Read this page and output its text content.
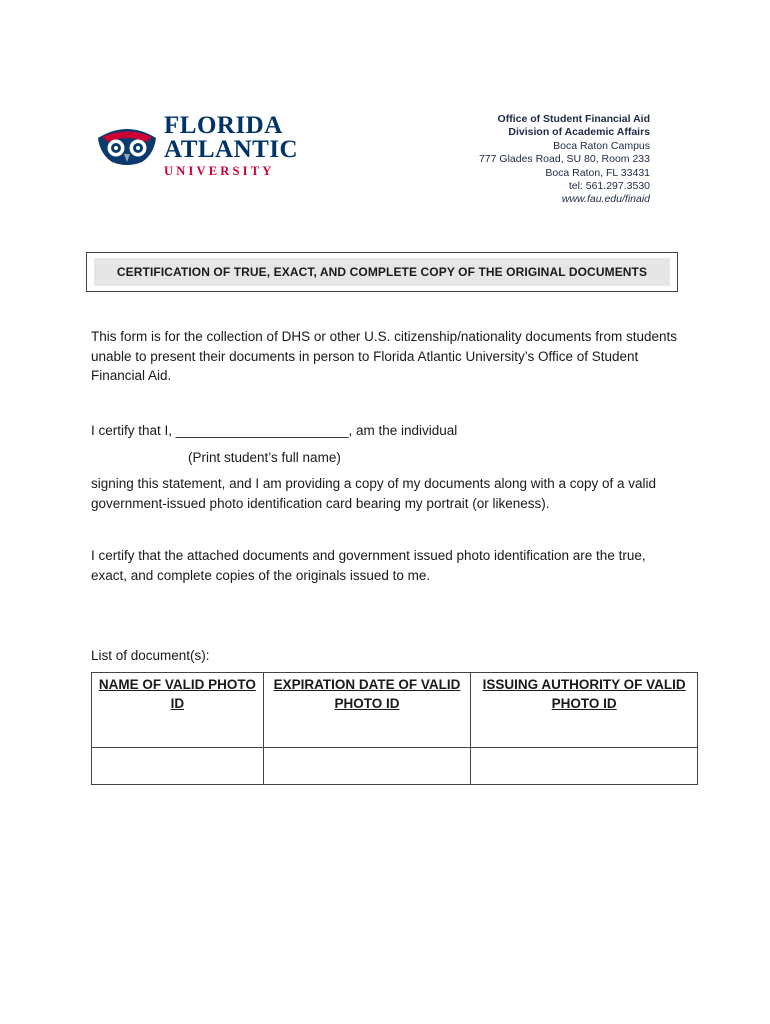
FLORIDA
ATLANTIC
UNIVERSITY
Office of Student Financial Aid
Division of Academic Affairs
Boca Raton Campus
777 Glades Road, SU 80, Room 233
Boca Raton, FL 33431
tel: 561.297.3530
www.fau.edu/finaid
CERTIFICATION OF TRUE, EXACT, AND COMPLETE COPY OF THE ORIGINAL DOCUMENTS
This form is for the collection of DHS or other U.S. citizenship/nationality documents from students unable to present their documents in person to Florida Atlantic University’s Office of Student Financial Aid.
I certify that I, _______________________, am the individual
(Print student’s full name)
signing this statement, and I am providing a copy of my documents along with a copy of a valid government-issued photo identification card bearing my portrait (or likeness).
I certify that the attached documents and government issued photo identification are the true, exact, and complete copies of the originals issued to me.
List of document(s):
NAME OF VALID PHOTO ID	EXPIRATION DATE OF VALID PHOTO ID	ISSUING AUTHORITY OF VALID PHOTO ID
